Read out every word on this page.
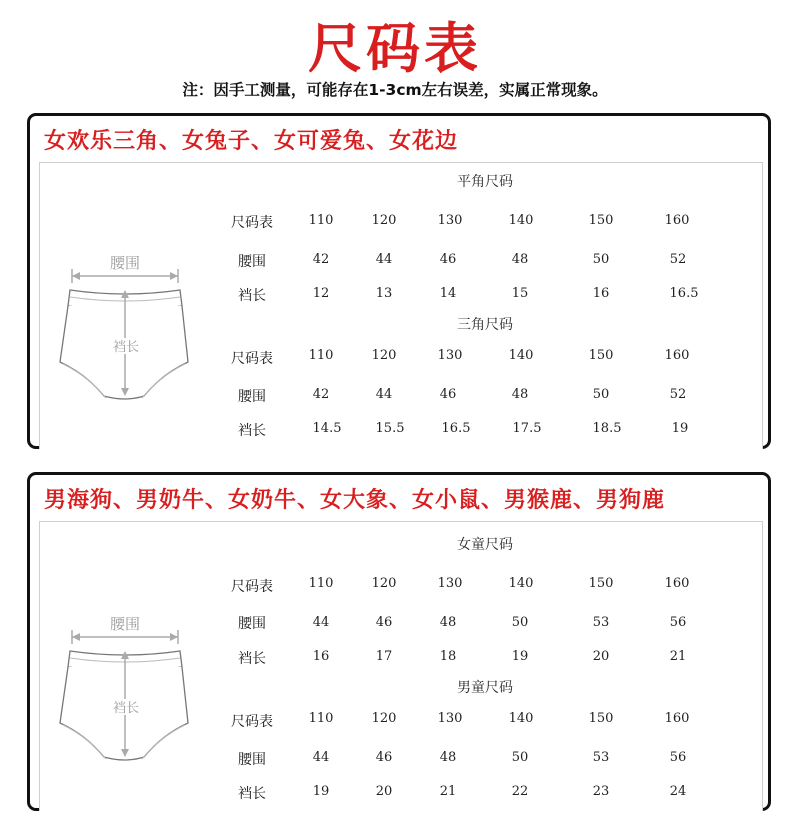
尺码表
注：因手工测量，可能存在1-3cm左右误差，实属正常现象。
女欢乐三角、女兔子、女可爱兔、女花边
男海狗、男奶牛、女奶牛、女大象、女小鼠、男猴鹿、男狗鹿
腰围
裆长
腰围
裆长
平角尺码
三角尺码
女童尺码
男童尺码
尺码表	110	120	130	140	150	160
腰围	42	44	46	48	50	52
裆长	12	13	14	15	16	16.5
尺码表	110	120	130	140	150	160
腰围	42	44	46	48	50	52
裆长	14.5	15.5	16.5	17.5	18.5	19
尺码表	110	120	130	140	150	160
腰围	44	46	48	50	53	56
裆长	16	17	18	19	20	21
尺码表	110	120	130	140	150	160
腰围	44	46	48	50	53	56
裆长	19	20	21	22	23	24
